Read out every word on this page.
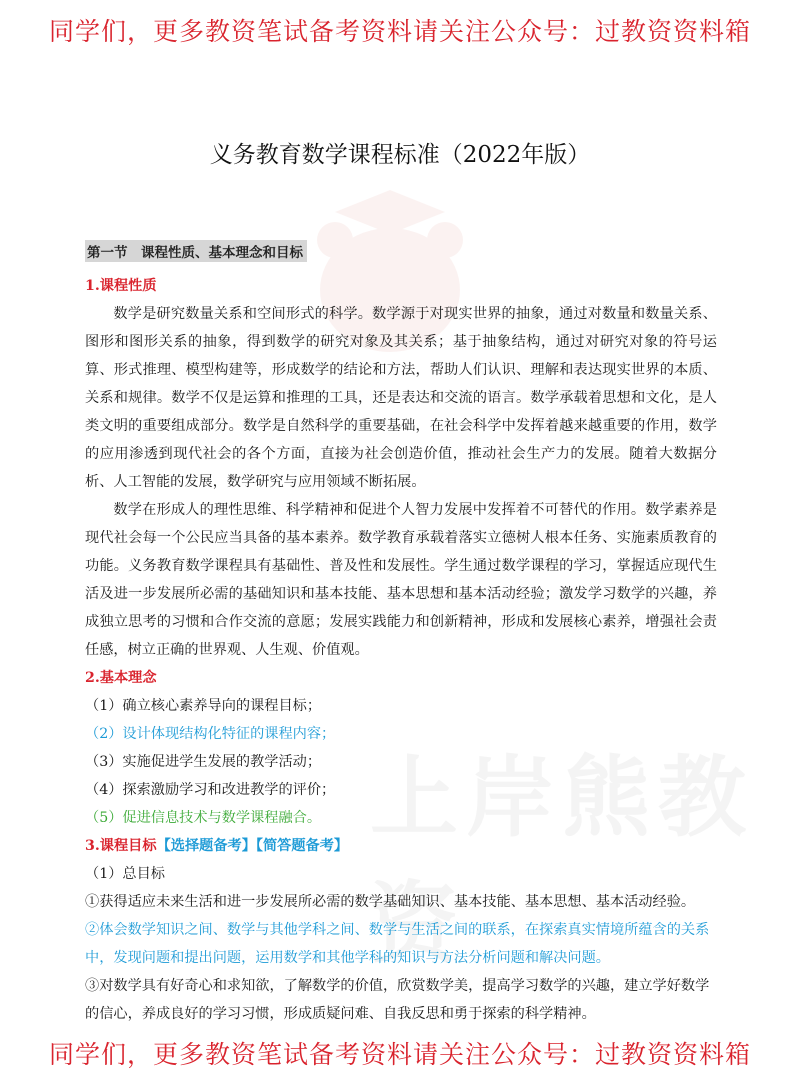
同学们，更多教资笔试备考资料请关注公众号：过教资资料箱
义务教育数学课程标准（2022年版）
第一节　课程性质、基本理念和目标
1.课程性质

数学是研究数量关系和空间形式的科学。数学源于对现实世界的抽象，通过对数量和数量关系、图形和图形关系的抽象，得到数学的研究对象及其关系；基于抽象结构，通过对研究对象的符号运算、形式推理、模型构建等，形成数学的结论和方法，帮助人们认识、理解和表达现实世界的本质、关系和规律。数学不仅是运算和推理的工具，还是表达和交流的语言。数学承载着思想和文化，是人类文明的重要组成部分。数学是自然科学的重要基础，在社会科学中发挥着越来越重要的作用，数学的应用渗透到现代社会的各个方面，直接为社会创造价值，推动社会生产力的发展。随着大数据分析、人工智能的发展，数学研究与应用领域不断拓展。

数学在形成人的理性思维、科学精神和促进个人智力发展中发挥着不可替代的作用。数学素养是现代社会每一个公民应当具备的基本素养。数学教育承载着落实立德树人根本任务、实施素质教育的功能。义务教育数学课程具有基础性、普及性和发展性。学生通过数学课程的学习，掌握适应现代生活及进一步发展所必需的基础知识和基本技能、基本思想和基本活动经验；激发学习数学的兴趣，养成独立思考的习惯和合作交流的意愿；发展实践能力和创新精神，形成和发展核心素养，增强社会责任感，树立正确的世界观、人生观、价值观。

2.基本理念

（1）确立核心素养导向的课程目标；

（2）设计体现结构化特征的课程内容；

（3）实施促进学生发展的教学活动；

（4）探索激励学习和改进教学的评价；

（5）促进信息技术与数学课程融合。

3.课程目标【选择题备考】【简答题备考】

（1）总目标

①获得适应未来生活和进一步发展所必需的数学基础知识、基本技能、基本思想、基本活动经验。

②体会数学知识之间、数学与其他学科之间、数学与生活之间的联系，在探索真实情境所蕴含的关系中，发现问题和提出问题，运用数学和其他学科的知识与方法分析问题和解决问题。

③对数学具有好奇心和求知欲，了解数学的价值，欣赏数学美，提高学习数学的兴趣，建立学好数学的信心，养成良好的学习习惯，形成质疑问难、自我反思和勇于探索的科学精神。

同学们，更多教资笔试备考资料请关注公众号：过教资资料箱
